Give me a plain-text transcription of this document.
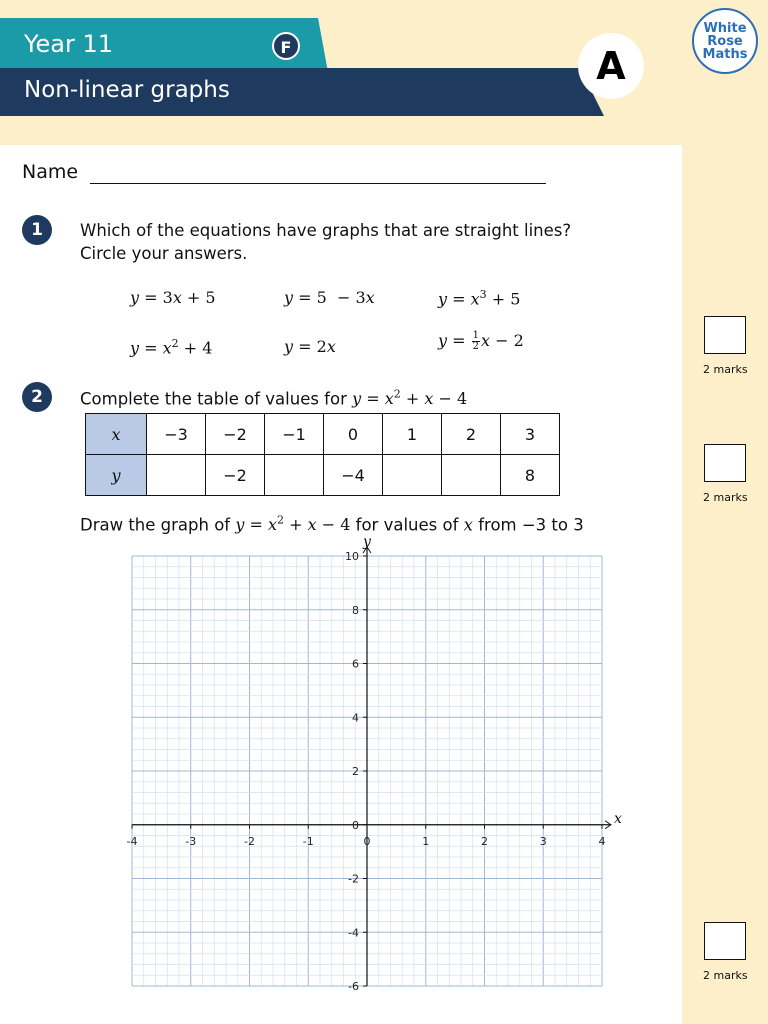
Year 11	F
Non-linear graphs
A
White
Rose
Maths
Name
1	Which of the equations have graphs that are straight lines?
Circle your answers.
y = 3x + 5	y = 5  − 3x	$y = x^3 + 5$
$y = x^2 + 4$	y = 2x	$y = \frac{1}{2}$ x − 2
2 marks
2	Complete the table of values for $y = x^2 + x - 4$
x	−3	−2	−1	0	1	2	3
y		−2		−4			8
2 marks
Draw the graph of $y = x^2 + x - 4$ for values of x from −3 to 3
-4	-3	-2	-1	0	1	2	3	4
-6
-4
-2
0
2
4
6
8
10
x
y
2 marks
